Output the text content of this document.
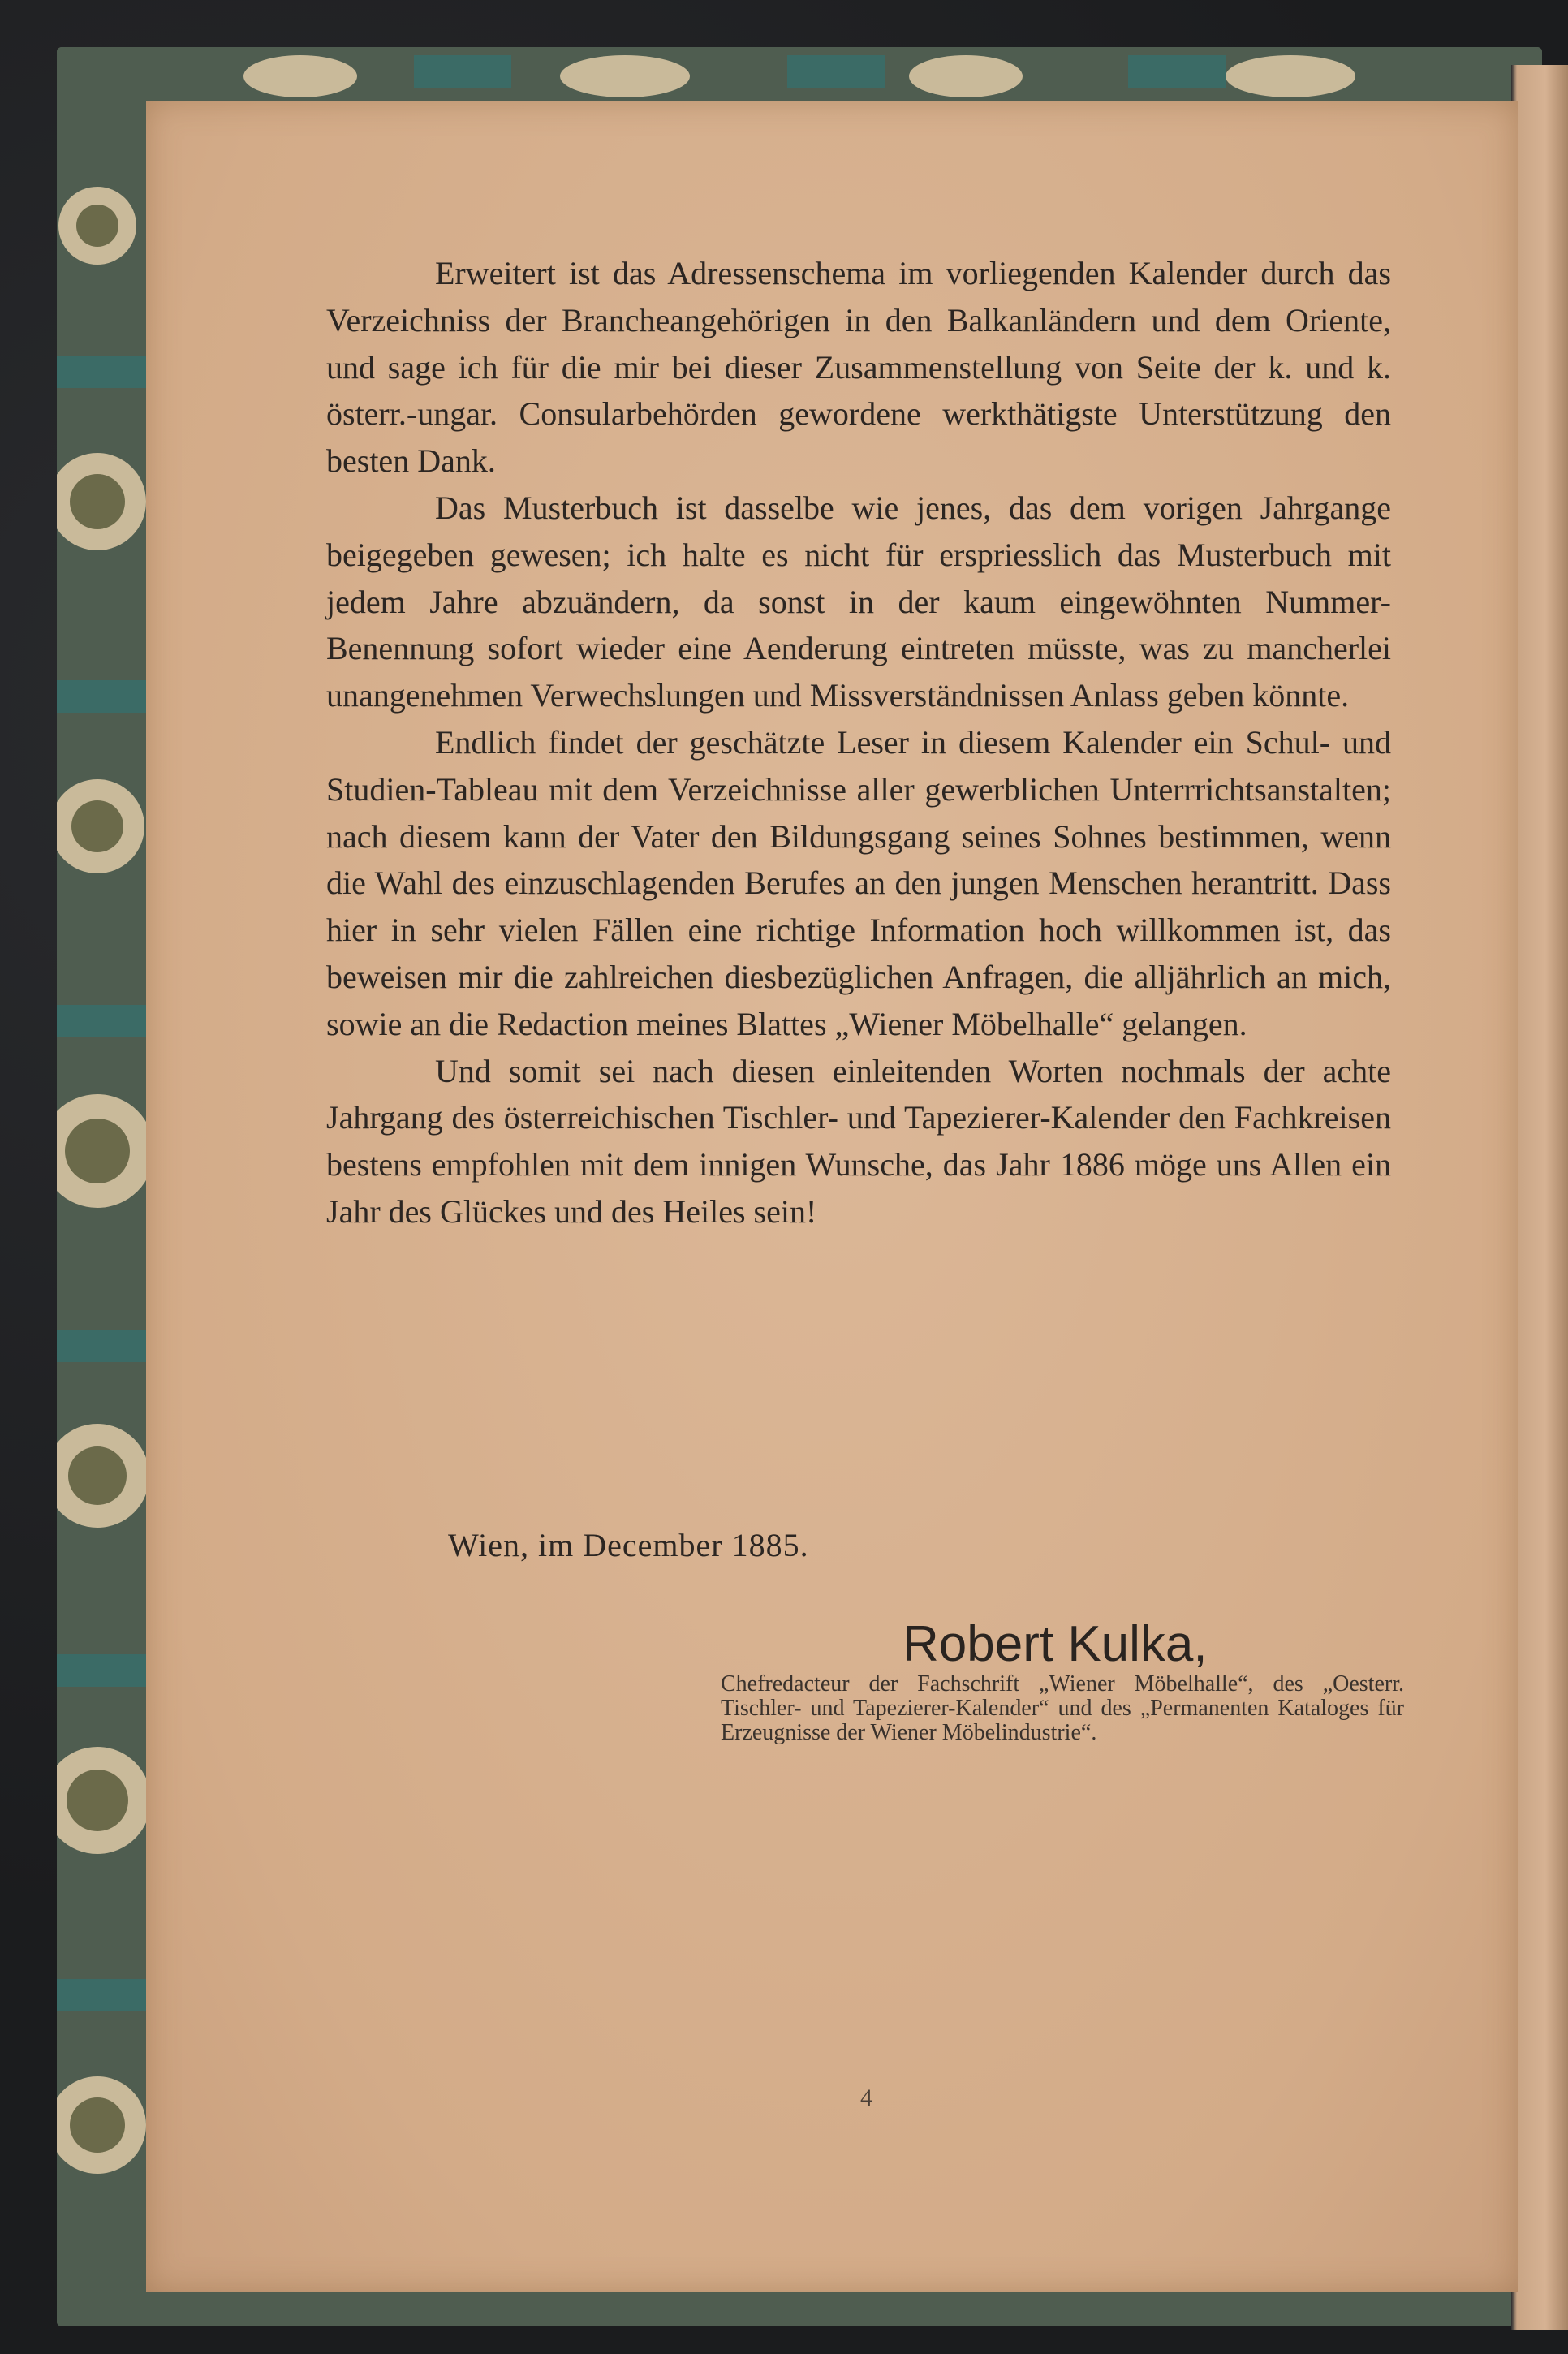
Erweitert ist das Adressenschema im vorliegenden Kalender durch das Verzeichniss der Brancheangehörigen in den Balkanländern und dem Oriente, und sage ich für die mir bei dieser Zusammenstellung von Seite der k. und k. österr.-ungar. Consularbehörden gewordene werkthätigste Unterstützung den besten Dank.

Das Musterbuch ist dasselbe wie jenes, das dem vorigen Jahrgange beigegeben gewesen; ich halte es nicht für erspriesslich das Musterbuch mit jedem Jahre abzuändern, da sonst in der kaum eingewöhnten Nummer-Benennung sofort wieder eine Aenderung eintreten müsste, was zu mancherlei unangenehmen Verwechslungen und Missverständnissen Anlass geben könnte.

Endlich findet der geschätzte Leser in diesem Kalender ein Schul- und Studien-Tableau mit dem Verzeichnisse aller gewerblichen Unterrrichtsanstalten; nach diesem kann der Vater den Bildungsgang seines Sohnes bestimmen, wenn die Wahl des einzuschlagenden Berufes an den jungen Menschen herantritt. Dass hier in sehr vielen Fällen eine richtige Information hoch willkommen ist, das beweisen mir die zahlreichen diesbezüglichen Anfragen, die alljährlich an mich, sowie an die Redaction meines Blattes „Wiener Möbelhalle“ gelangen.

Und somit sei nach diesen einleitenden Worten nochmals der achte Jahrgang des österreichischen Tischler- und Tapezierer-Kalender den Fachkreisen bestens empfohlen mit dem innigen Wunsche, das Jahr 1886 möge uns Allen ein Jahr des Glückes und des Heiles sein!

Wien, im December 1885.
Robert Kulka,
Chefredacteur der Fachschrift „Wiener Möbelhalle“, des „Oesterr. Tischler- und Tapezierer-Kalender“ und des „Permanenten Kataloges für Erzeugnisse der Wiener Möbelindustrie“.
4
